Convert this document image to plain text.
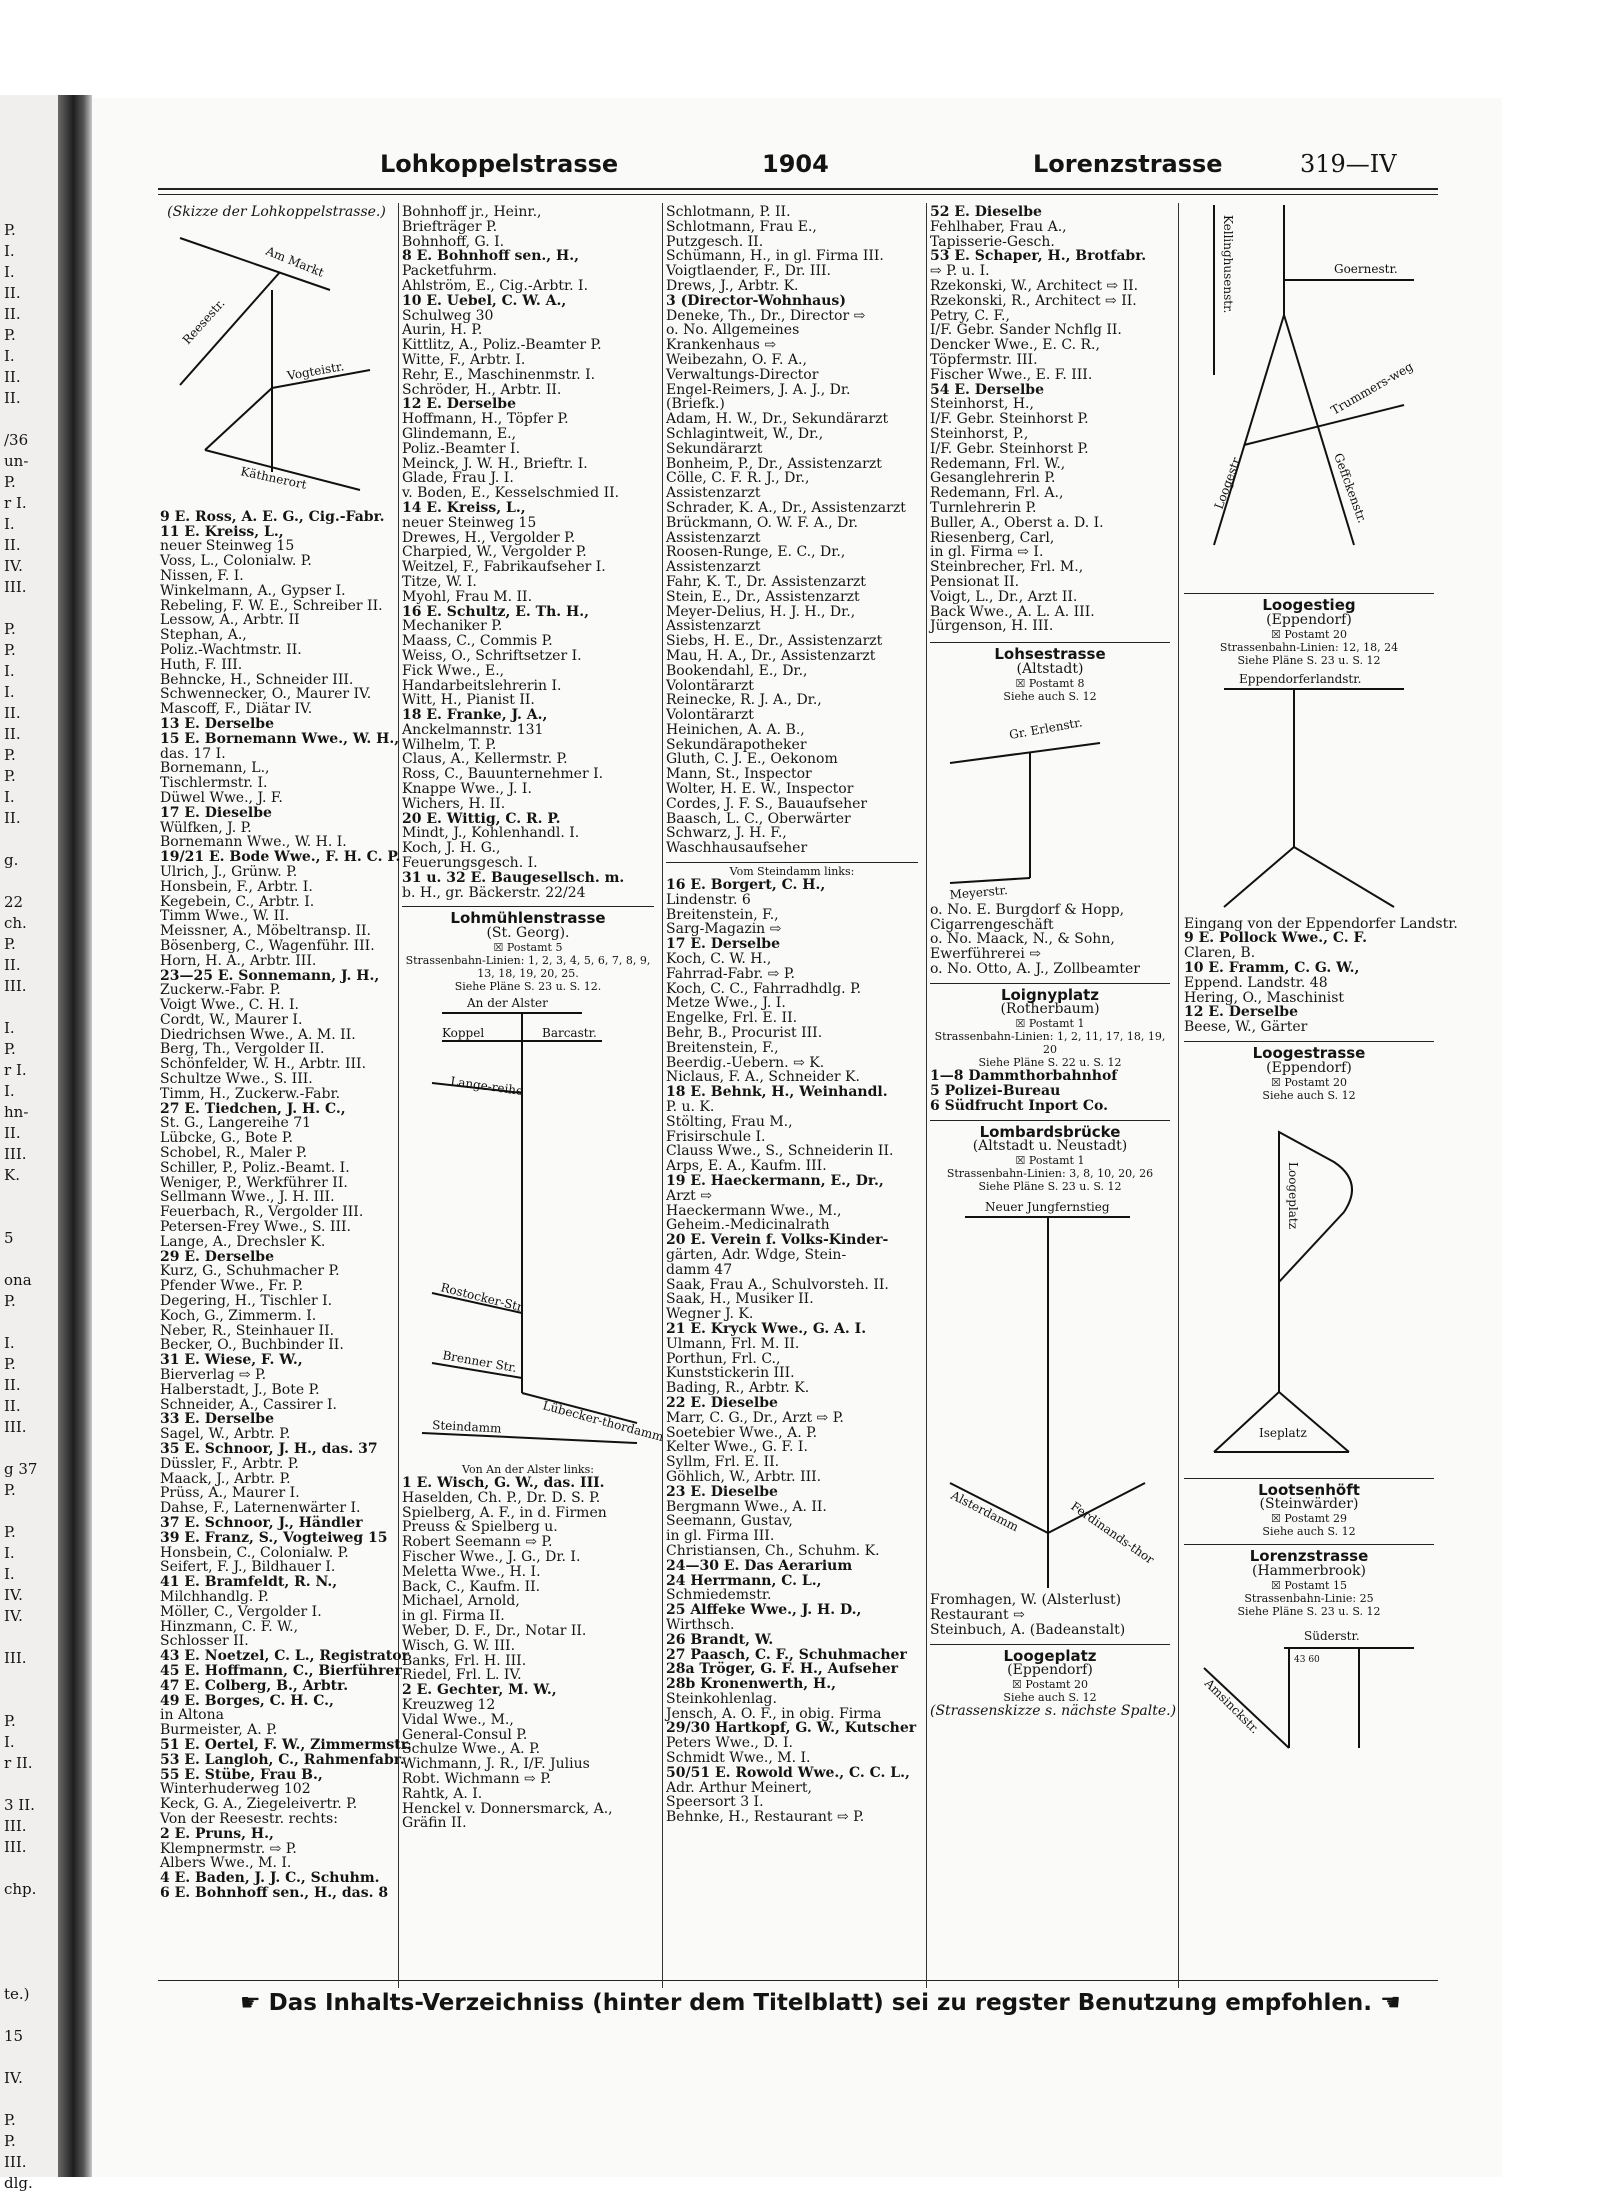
P.
I.
I.
II.
II.
P.
I.
II.
II.
/36
un-
P.
r I.
I.
II.
IV.
III.
P.
P.
I.
I.
II.
II.
P.
P.
I.
II.
g.
22
ch.
P.
II.
III.
I.
P.
r I.
I.
hn-
II.
III.
K.
5
ona
P.
I.
P.
II.
II.
III.
g 37
P.
P.
I.
I.
IV.
IV.
III.
P.
I.
r II.
3 II.
III.
III.
chp.
te.)
15
IV.
P.
P.
III.
dlg.
Lohkoppelstrasse	1904	Lorenzstrasse	319—IV
(Skizze der Lohkoppelstrasse.)
Am Markt
Reesestr.
Vogteistr.
Käthnerort
9 E. Ross, A. E. G., Cig.-Fabr.
11 E. Kreiss, L.,
neuer Steinweg 15
Voss, L., Colonialw. P.
Nissen, F. I.
Winkelmann, A., Gypser I.
Rebeling, F. W. E., Schreiber II.
Lessow, A., Arbtr. II
Stephan, A.,
Poliz.-Wachtmstr. II.
Huth, F. III.
Behncke, H., Schneider III.
Schwennecker, O., Maurer IV.
Mascoff, F., Diätar IV.
13 E. Derselbe
15 E. Bornemann Wwe., W. H.,
das. 17 I.
Bornemann, L.,
Tischlermstr. I.
Düwel Wwe., J. F.
17 E. Dieselbe
Wülfken, J. P.
Bornemann Wwe., W. H. I.
19/21 E. Bode Wwe., F. H. C. P.
Ulrich, J., Grünw. P.
Honsbein, F., Arbtr. I.
Kegebein, C., Arbtr. I.
Timm Wwe., W. II.
Meissner, A., Möbeltransp. II.
Bösenberg, C., Wagenführ. III.
Horn, H. A., Arbtr. III.
23—25 E. Sonnemann, J. H.,
Zuckerw.-Fabr. P.
Voigt Wwe., C. H. I.
Cordt, W., Maurer I.
Diedrichsen Wwe., A. M. II.
Berg, Th., Vergolder II.
Schönfelder, W. H., Arbtr. III.
Schultze Wwe., S. III.
Timm, H., Zuckerw.-Fabr.
27 E. Tiedchen, J. H. C.,
St. G., Langereihe 71
Lübcke, G., Bote P.
Schobel, R., Maler P.
Schiller, P., Poliz.-Beamt. I.
Weniger, P., Werkführer II.
Sellmann Wwe., J. H. III.
Feuerbach, R., Vergolder III.
Petersen-Frey Wwe., S. III.
Lange, A., Drechsler K.
29 E. Derselbe
Kurz, G., Schuhmacher P.
Pfender Wwe., Fr. P.
Degering, H., Tischler I.
Koch, G., Zimmerm. I.
Neber, R., Steinhauer II.
Becker, O., Buchbinder II.
31 E. Wiese, F. W.,
Bierverlag ⇨ P.
Halberstadt, J., Bote P.
Schneider, A., Cassirer I.
33 E. Derselbe
Sagel, W., Arbtr. P.
35 E. Schnoor, J. H., das. 37
Düssler, F., Arbtr. P.
Maack, J., Arbtr. P.
Prüss, A., Maurer I.
Dahse, F., Laternenwärter I.
37 E. Schnoor, J., Händler
39 E. Franz, S., Vogteiweg 15
Honsbein, C., Colonialw. P.
Seifert, F. J., Bildhauer I.
41 E. Bramfeldt, R. N.,
Milchhandlg. P.
Möller, C., Vergolder I.
Hinzmann, C. F. W.,
Schlosser II.
43 E. Noetzel, C. L., Registrator
45 E. Hoffmann, C., Bierführer
47 E. Colberg, B., Arbtr.
49 E. Borges, C. H. C.,
in Altona
Burmeister, A. P.
51 E. Oertel, F. W., Zimmermstr.
53 E. Langloh, C., Rahmenfabr.
55 E. Stübe, Frau B.,
Winterhuderweg 102
Keck, G. A., Ziegeleivertr. P.
Von der Reesestr. rechts:
2 E. Pruns, H.,
Klempnermstr. ⇨ P.
Albers Wwe., M. I.
4 E. Baden, J. J. C., Schuhm.
6 E. Bohnhoff sen., H., das. 8
Bohnhoff jr., Heinr.,
Briefträger P.
Bohnhoff, G. I.
8 E. Bohnhoff sen., H.,
Packetfuhrm.
Ahlström, E., Cig.-Arbtr. I.
10 E. Uebel, C. W. A.,
Schulweg 30
Aurin, H. P.
Kittlitz, A., Poliz.-Beamter P.
Witte, F., Arbtr. I.
Rehr, E., Maschinenmstr. I.
Schröder, H., Arbtr. II.
12 E. Derselbe
Hoffmann, H., Töpfer P.
Glindemann, E.,
Poliz.-Beamter I.
Meinck, J. W. H., Brieftr. I.
Glade, Frau J. I.
v. Boden, E., Kesselschmied II.
14 E. Kreiss, L.,
neuer Steinweg 15
Drewes, H., Vergolder P.
Charpied, W., Vergolder P.
Weitzel, F., Fabrikaufseher I.
Titze, W. I.
Myohl, Frau M. II.
16 E. Schultz, E. Th. H.,
Mechaniker P.
Maass, C., Commis P.
Weiss, O., Schriftsetzer I.
Fick Wwe., E.,
Handarbeitslehrerin I.
Witt, H., Pianist II.
18 E. Franke, J. A.,
Anckelmannstr. 131
Wilhelm, T. P.
Claus, A., Kellermstr. P.
Ross, C., Bauunternehmer I.
Knappe Wwe., J. I.
Wichers, H. II.
20 E. Wittig, C. R. P.
Mindt, J., Kohlenhandl. I.
Koch, J. H. G.,
Feuerungsgesch. I.
31 u. 32 E. Baugesellsch. m.
b. H., gr. Bäckerstr. 22/24
Lohmühlenstrasse
(St. Georg).
☒ Postamt 5
Strassenbahn-Linien: 1, 2, 3, 4, 5, 6, 7, 8, 9, 13, 18, 19, 20, 25.
Siehe Pläne S. 23 u. S. 12.
An der Alster
Koppel	Barcastr.
Lange-reihe
Rostocker-Str.
Brenner Str.
Lübecker-thordamm
Steindamm
Von An der Alster links:
1 E. Wisch, G. W., das. III.
Haselden, Ch. P., Dr. D. S. P.
Spielberg, A. F., in d. Firmen
Preuss & Spielberg u.
Robert Seemann ⇨ P.
Fischer Wwe., J. G., Dr. I.
Meletta Wwe., H. I.
Back, C., Kaufm. II.
Michael, Arnold,
in gl. Firma II.
Weber, D. F., Dr., Notar II.
Wisch, G. W. III.
Banks, Frl. H. III.
Riedel, Frl. L. IV.
2 E. Gechter, M. W.,
Kreuzweg 12
Vidal Wwe., M.,
General-Consul P.
Schulze Wwe., A. P.
Wichmann, J. R., I/F. Julius
Robt. Wichmann ⇨ P.
Rahtk, A. I.
Henckel v. Donnersmarck, A.,
Gräfin II.
Schlotmann, P. II.
Schlotmann, Frau E.,
Putzgesch. II.
Schümann, H., in gl. Firma III.
Voigtlaender, F., Dr. III.
Drews, J., Arbtr. K.
3 (Director-Wohnhaus)
Deneke, Th., Dr., Director ⇨
o. No. Allgemeines
Krankenhaus ⇨
Weibezahn, O. F. A.,
Verwaltungs-Director
Engel-Reimers, J. A. J., Dr.
(Briefk.)
Adam, H. W., Dr., Sekundärarzt
Schlagintweit, W., Dr.,
Sekundärarzt
Bonheim, P., Dr., Assistenzarzt
Cölle, C. F. R. J., Dr.,
Assistenzarzt
Schrader, K. A., Dr., Assistenzarzt
Brückmann, O. W. F. A., Dr.
Assistenzarzt
Roosen-Runge, E. C., Dr.,
Assistenzarzt
Fahr, K. T., Dr. Assistenzarzt
Stein, E., Dr., Assistenzarzt
Meyer-Delius, H. J. H., Dr.,
Assistenzarzt
Siebs, H. E., Dr., Assistenzarzt
Mau, H. A., Dr., Assistenzarzt
Bookendahl, E., Dr.,
Volontärarzt
Reinecke, R. J. A., Dr.,
Volontärarzt
Heinichen, A. A. B.,
Sekundärapotheker
Gluth, C. J. E., Oekonom
Mann, St., Inspector
Wolter, H. E. W., Inspector
Cordes, J. F. S., Bauaufseher
Baasch, L. C., Oberwärter
Schwarz, J. H. F.,
Waschhausaufseher
Vom Steindamm links:
16 E. Borgert, C. H.,
Lindenstr. 6
Breitenstein, F.,
Sarg-Magazin ⇨
17 E. Derselbe
Koch, C. W. H.,
Fahrrad-Fabr. ⇨ P.
Koch, C. C., Fahrradhdlg. P.
Metze Wwe., J. I.
Engelke, Frl. E. II.
Behr, B., Procurist III.
Breitenstein, F.,
Beerdig.-Uebern. ⇨ K.
Niclaus, F. A., Schneider K.
18 E. Behnk, H., Weinhandl.
P. u. K.
Stölting, Frau M.,
Frisirschule I.
Clauss Wwe., S., Schneiderin II.
Arps, E. A., Kaufm. III.
19 E. Haeckermann, E., Dr.,
Arzt ⇨
Haeckermann Wwe., M.,
Geheim.-Medicinalrath
20 E. Verein f. Volks-Kinder-
gärten, Adr. Wdge, Stein-
damm 47
Saak, Frau A., Schulvorsteh. II.
Saak, H., Musiker II.
Wegner J. K.
21 E. Kryck Wwe., G. A. I.
Ulmann, Frl. M. II.
Porthun, Frl. C.,
Kunststickerin III.
Bading, R., Arbtr. K.
22 E. Dieselbe
Marr, C. G., Dr., Arzt ⇨ P.
Soetebier Wwe., A. P.
Kelter Wwe., G. F. I.
Syllm, Frl. E. II.
Göhlich, W., Arbtr. III.
23 E. Dieselbe
Bergmann Wwe., A. II.
Seemann, Gustav,
in gl. Firma III.
Christiansen, Ch., Schuhm. K.
24—30 E. Das Aerarium
24 Herrmann, C. L.,
Schmiedemstr.
25 Alffeke Wwe., J. H. D.,
Wirthsch.
26 Brandt, W.
27 Paasch, C. F., Schuhmacher
28a Tröger, G. F. H., Aufseher
28b Kronenwerth, H.,
Steinkohlenlag.
Jensch, A. O. F., in obig. Firma
29/30 Hartkopf, G. W., Kutscher
Peters Wwe., D. I.
Schmidt Wwe., M. I.
50/51 E. Rowold Wwe., C. C. L.,
Adr. Arthur Meinert,
Speersort 3 I.
Behnke, H., Restaurant ⇨ P.
52 E. Dieselbe
Fehlhaber, Frau A.,
Tapisserie-Gesch.
53 E. Schaper, H., Brotfabr.
⇨ P. u. I.
Rzekonski, W., Architect ⇨ II.
Rzekonski, R., Architect ⇨ II.
Petry, C. F.,
I/F. Gebr. Sander Nchflg II.
Dencker Wwe., E. C. R.,
Töpfermstr. III.
Fischer Wwe., E. F. III.
54 E. Derselbe
Steinhorst, H.,
I/F. Gebr. Steinhorst P.
Steinhorst, P.,
I/F. Gebr. Steinhorst P.
Redemann, Frl. W.,
Gesanglehrerin P.
Redemann, Frl. A.,
Turnlehrerin P.
Buller, A., Oberst a. D. I.
Riesenberg, Carl,
in gl. Firma ⇨ I.
Steinbrecher, Frl. M.,
Pensionat II.
Voigt, L., Dr., Arzt II.
Back Wwe., A. L. A. III.
Jürgenson, H. III.
Lohsestrasse
(Altstadt)
☒ Postamt 8
Siehe auch S. 12
Gr. Erlenstr.
Meyerstr.
o. No. E. Burgdorf & Hopp,
Cigarrengeschäft
o. No. Maack, N., & Sohn,
Ewerführerei ⇨
o. No. Otto, A. J., Zollbeamter
Loignyplatz
(Rotherbaum)
☒ Postamt 1
Strassenbahn-Linien: 1, 2, 11, 17, 18, 19, 20
Siehe Pläne S. 22 u. S. 12
1—8 Dammthorbahnhof
5 Polizei-Bureau
6 Südfrucht Inport Co.
Lombardsbrücke
(Altstadt u. Neustadt)
☒ Postamt 1
Strassenbahn-Linien: 3, 8, 10, 20, 26
Siehe Pläne S. 23 u. S. 12
Neuer Jungfernstieg
Alsterdamm	Ferdinands-thor
Fromhagen, W. (Alsterlust)
Restaurant ⇨
Steinbuch, A. (Badeanstalt)
Loogeplatz
(Eppendorf)
☒ Postamt 20
Siehe auch S. 12
(Strassenskizze s. nächste Spalte.)
Kellinghusenstr.	Goernestr.
Trummers-weg
Loogestr.	Geffckenstr.
Loogestieg
(Eppendorf)
☒ Postamt 20
Strassenbahn-Linien: 12, 18, 24
Siehe Pläne S. 23 u. S. 12
Eppendorferlandstr.
Eingang von der Eppendorfer Landstr.
9 E. Pollock Wwe., C. F.
Claren, B.
10 E. Framm, C. G. W.,
Eppend. Landstr. 48
Hering, O., Maschinist
12 E. Derselbe
Beese, W., Gärter
Loogestrasse
(Eppendorf)
☒ Postamt 20
Siehe auch S. 12
Loogeplatz
Iseplatz
Lootsenhöft
(Steinwärder)
☒ Postamt 29
Siehe auch S. 12
Lorenzstrasse
(Hammerbrook)
☒ Postamt 15
Strassenbahn-Linie: 25
Siehe Pläne S. 23 u. S. 12
Süderstr.
Amsinckstr.
43 60
☛ Das Inhalts-Verzeichniss (hinter dem Titelblatt) sei zu regster Benutzung empfohlen. ☚
